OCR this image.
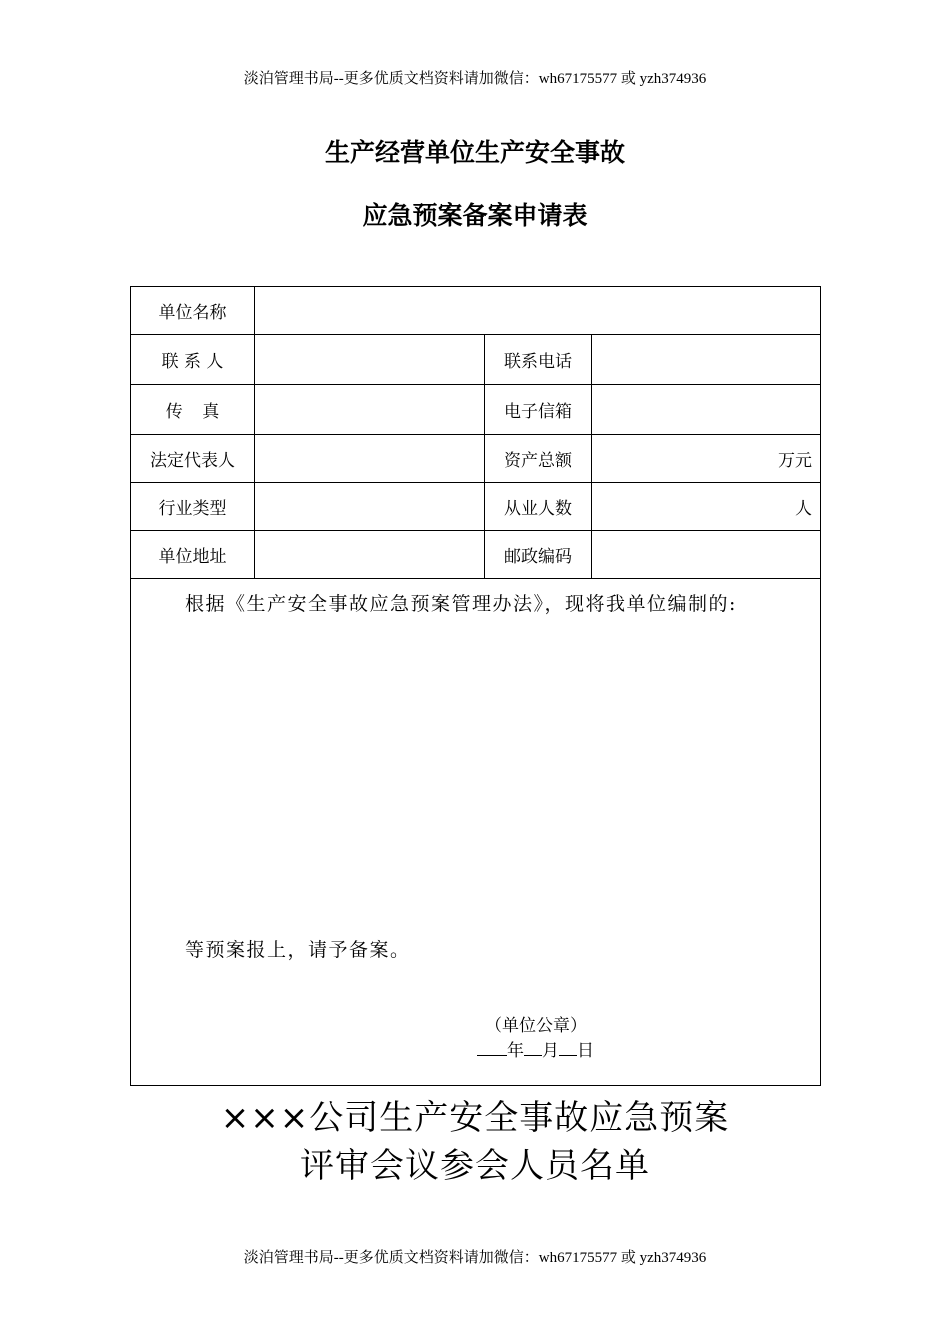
淡泊管理书局--更多优质文档资料请加微信：wh67175577 或 yzh374936
生产经营单位生产安全事故
应急预案备案申请表
单位名称			
联 系 人		联系电话	
传 真		电子信箱	
法定代表人		资产总额	万元
行业类型		从业人数	人
单位地址		邮政编码	

根据《生产安全事故应急预案管理办法》，现将我单位编制的:
等预案报上，请予备案。
（单位公章）
年 月 日			
×××公司生产安全事故应急预案
评审会议参会人员名单
淡泊管理书局--更多优质文档资料请加微信：wh67175577 或 yzh374936
